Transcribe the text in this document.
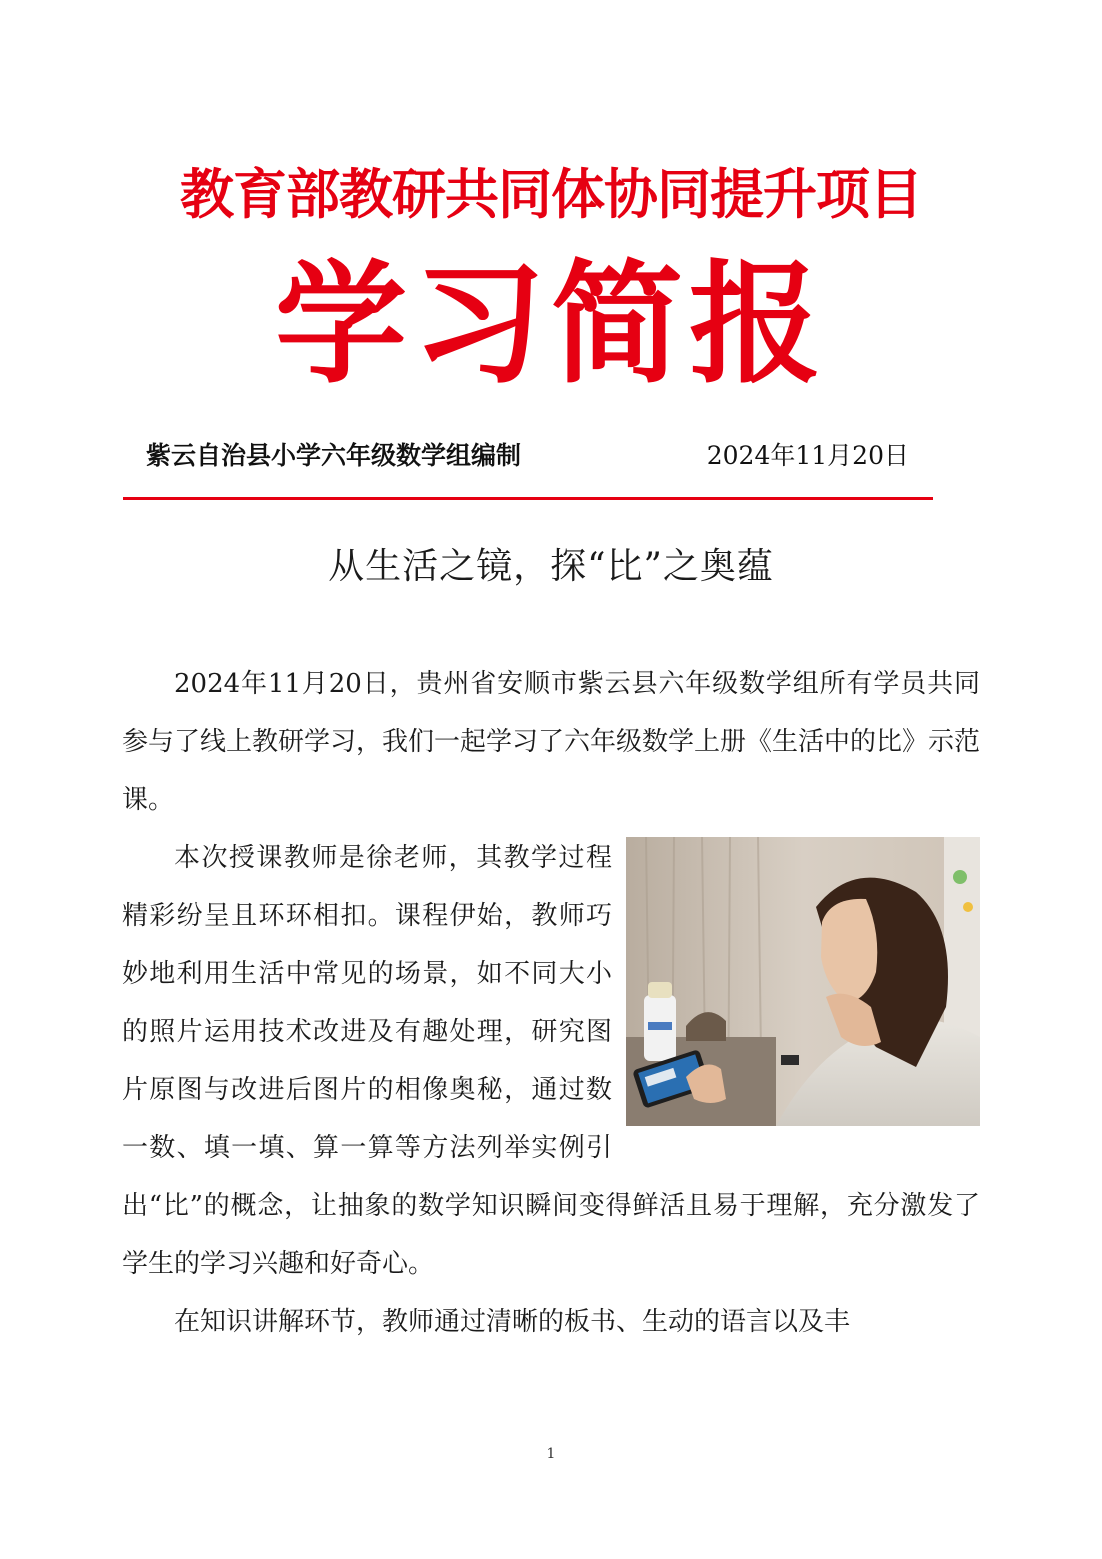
教育部教研共同体协同提升项目
学习简报
紫云自治县小学六年级数学组编制	2024年11月20日
从生活之镜，探“比”之奥蕴

2024年11月20日，贵州省安顺市紫云县六年级数学组所有学员共同参与了线上教研学习，我们一起学习了六年级数学上册《生活中的比》示范课。

本次授课教师是徐老师，其教学过程精彩纷呈且环环相扣。课程伊始，教师巧妙地利用生活中常见的场景，如不同大小的照片运用技术改进及有趣处理，研究图片原图与改进后图片的相像奥秘，通过数一数、填一填、算一算等方法列举实例引出“比”的概念，让抽象的数学知识瞬间变得鲜活且易于理解，充分激发了学生的学习兴趣和好奇心。

在知识讲解环节，教师通过清晰的板书、生动的语言以及丰

1
